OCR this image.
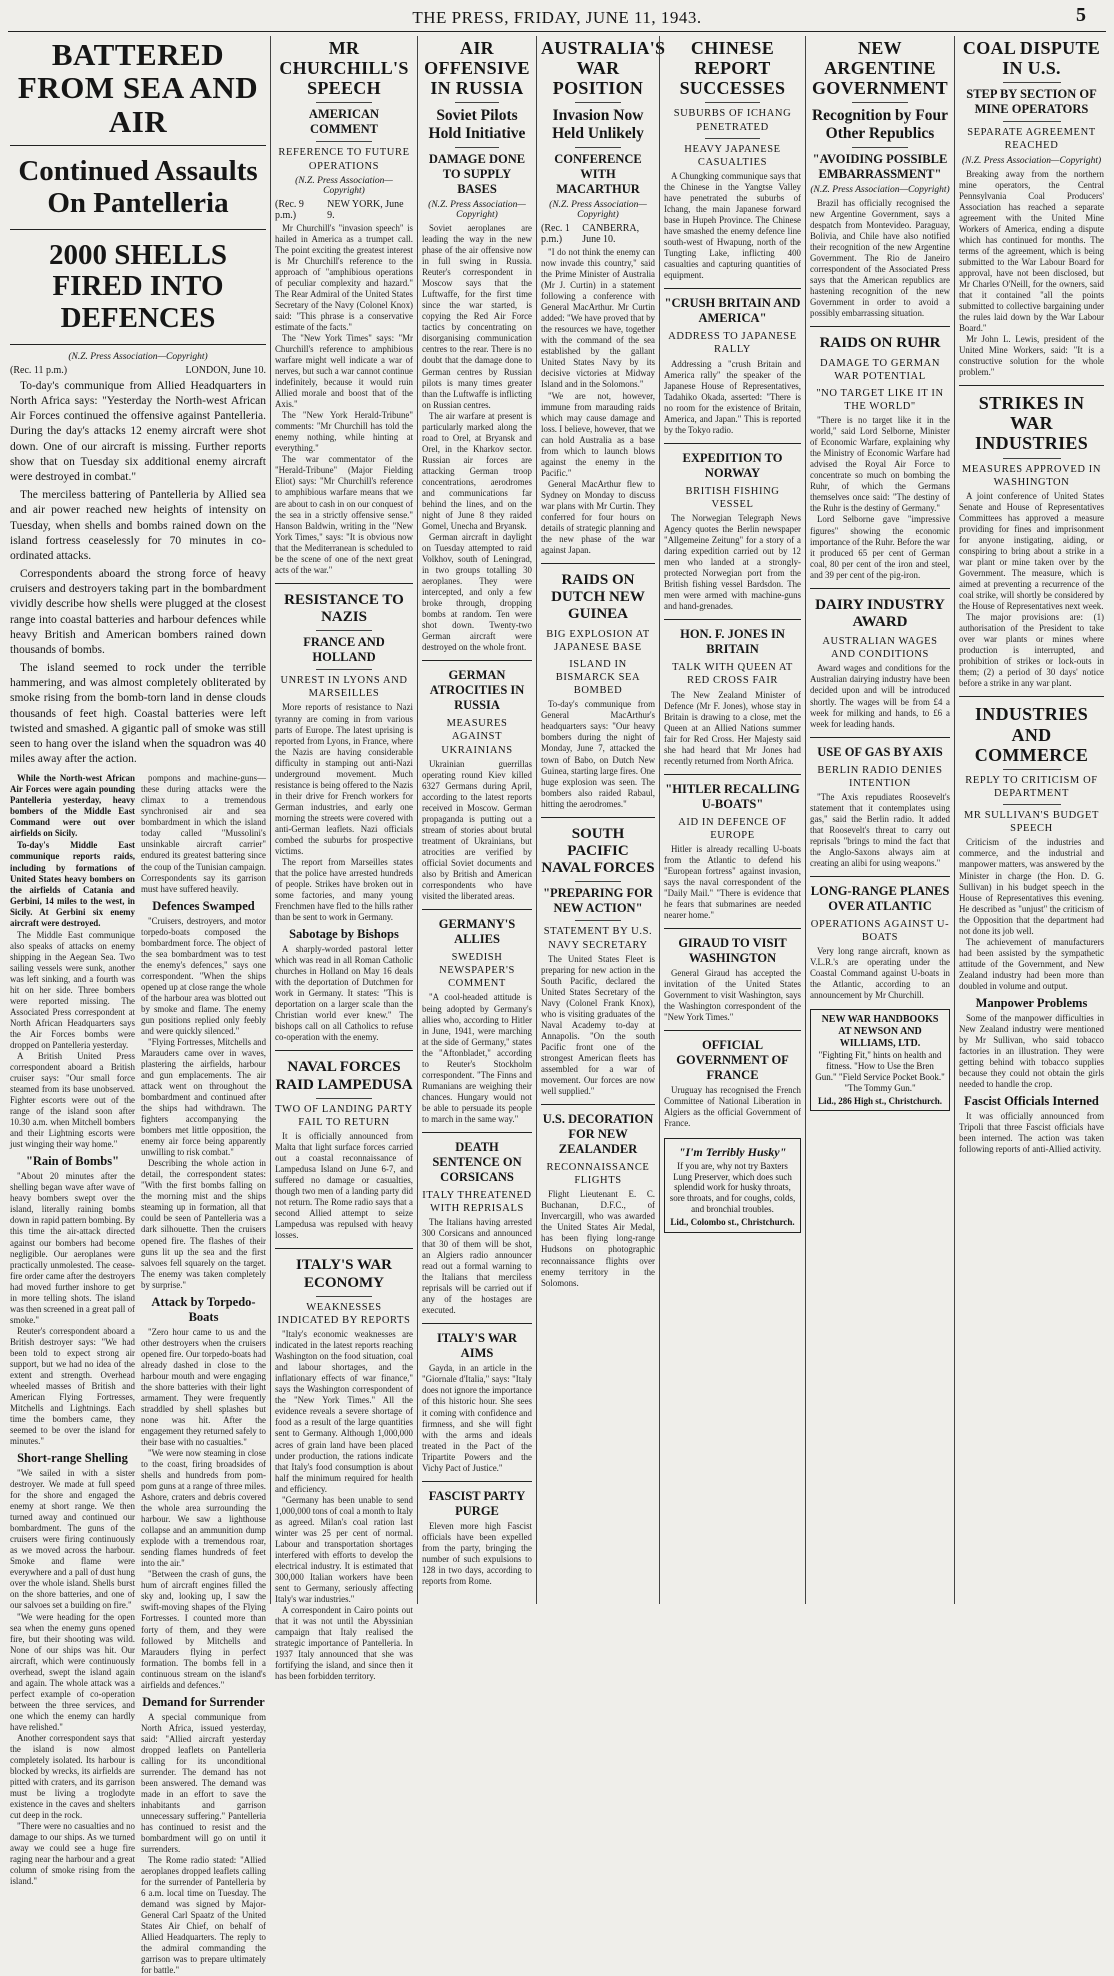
THE PRESS, FRIDAY, JUNE 11, 1943.	5
BATTERED FROM SEA AND AIR
Continued Assaults On Pantelleria
2000 SHELLS FIRED INTO DEFENCES
(N.Z. Press Association—Copyright)
(Rec. 11 p.m.)	LONDON, June 10.

To-day's communique from Allied Headquarters in North Africa says: "Yesterday the North-west African Air Forces continued the offensive against Pantelleria. During the day's attacks 12 enemy aircraft were shot down. One of our aircraft is missing. Further reports show that on Tuesday six additional enemy aircraft were destroyed in combat."

The merciless battering of Pantelleria by Allied sea and air power reached new heights of intensity on Tuesday, when shells and bombs rained down on the island fortress ceaselessly for 70 minutes in co-ordinated attacks.

Correspondents aboard the strong force of heavy cruisers and destroyers taking part in the bombardment vividly describe how shells were plugged at the closest range into coastal batteries and harbour defences while heavy British and American bombers rained down thousands of bombs.

The island seemed to rock under the terrible hammering, and was almost completely obliterated by smoke rising from the bomb-torn land in dense clouds thousands of feet high. Coastal batteries were left twisted and smashed. A gigantic pall of smoke was still seen to hang over the island when the squadron was 40 miles away after the action.

While the North-west African Air Forces were again pounding Pantelleria yesterday, heavy bombers of the Middle East Command were out over airfields on Sicily.

To-day's Middle East communique reports raids, including by formations of United States heavy bombers on the airfields of Catania and Gerbini, 14 miles to the west, in Sicily. At Gerbini six enemy aircraft were destroyed.

The Middle East communique also speaks of attacks on enemy shipping in the Aegean Sea. Two sailing vessels were sunk, another was left sinking, and a fourth was hit on her side. Three bombers were reported missing. The Associated Press correspondent at North African Headquarters says the Air Forces bombs were dropped on Pantelleria yesterday.

A British United Press correspondent aboard a British cruiser says: "Our small force steamed from its base unobserved. Fighter escorts were out of the range of the island soon after 10.30 a.m. when Mitchell bombers and their Lightning escorts were just winging their way home."

"Rain of Bombs"

"About 20 minutes after the shelling began wave after wave of heavy bombers swept over the island, literally raining bombs down in rapid pattern bombing. By this time the air-attack directed against our bombers had become negligible. Our aeroplanes were practically unmolested. The cease-fire order came after the destroyers had moved further inshore to get in more telling shots. The island was then screened in a great pall of smoke."

Reuter's correspondent aboard a British destroyer says: "We had been told to expect strong air support, but we had no idea of the extent and strength. Overhead wheeled masses of British and American Flying Fortresses, Mitchells and Lightnings. Each time the bombers came, they seemed to be over the island for minutes."

Short-range Shelling

"We sailed in with a sister destroyer. We made at full speed for the shore and engaged the enemy at short range. We then turned away and continued our bombardment. The guns of the cruisers were firing continuously as we moved across the harbour. Smoke and flame were everywhere and a pall of dust hung over the whole island. Shells burst on the shore batteries, and one of our salvoes set a building on fire."

"We were heading for the open sea when the enemy guns opened fire, but their shooting was wild. None of our ships was hit. Our aircraft, which were continuously overhead, swept the island again and again. The whole attack was a perfect example of co-operation between the three services, and one which the enemy can hardly have relished."

Another correspondent says that the island is now almost completely isolated. Its harbour is blocked by wrecks, its airfields are pitted with craters, and its garrison must be living a troglodyte existence in the caves and shelters cut deep in the rock.

"There were no casualties and no damage to our ships. As we turned away we could see a huge fire raging near the harbour and a great column of smoke rising from the island."

pompons and machine-guns—these during attacks were the climax to a tremendous synchronised air and sea bombardment in which the island today called "Mussolini's unsinkable aircraft carrier" endured its greatest battering since the coup of the Tunisian campaign. Correspondents say its garrison must have suffered heavily.

Defences Swamped

"Cruisers, destroyers, and motor torpedo-boats composed the bombardment force. The object of the sea bombardment was to test the enemy's defences," says one correspondent. "When the ships opened up at close range the whole of the harbour area was blotted out by smoke and flame. The enemy gun positions replied only feebly and were quickly silenced."

"Flying Fortresses, Mitchells and Marauders came over in waves, plastering the airfields, harbour and gun emplacements. The air attack went on throughout the bombardment and continued after the ships had withdrawn. The fighters accompanying the bombers met little opposition, the enemy air force being apparently unwilling to risk combat."

Describing the whole action in detail, the correspondent states: "With the first bombs falling on the morning mist and the ships steaming up in formation, all that could be seen of Pantelleria was a dark silhouette. Then the cruisers opened fire. The flashes of their guns lit up the sea and the first salvoes fell squarely on the target. The enemy was taken completely by surprise."

Attack by Torpedo-Boats

"Zero hour came to us and the other destroyers when the cruisers opened fire. Our torpedo-boats had already dashed in close to the harbour mouth and were engaging the shore batteries with their light armament. They were frequently straddled by shell splashes but none was hit. After the engagement they returned safely to their base with no casualties."

"We were now steaming in close to the coast, firing broadsides of shells and hundreds from pom-pom guns at a range of three miles. Ashore, craters and debris covered the whole area surrounding the harbour. We saw a lighthouse collapse and an ammunition dump explode with a tremendous roar, sending flames hundreds of feet into the air."

"Between the crash of guns, the hum of aircraft engines filled the sky and, looking up, I saw the swift-moving shapes of the Flying Fortresses. I counted more than forty of them, and they were followed by Mitchells and Marauders flying in perfect formation. The bombs fell in a continuous stream on the island's airfields and defences."

Demand for Surrender

A special communique from North Africa, issued yesterday, said: "Allied aircraft yesterday dropped leaflets on Pantelleria calling for its unconditional surrender. The demand has not been answered. The demand was made in an effort to save the inhabitants and garrison unnecessary suffering." Pantelleria has continued to resist and the bombardment will go on until it surrenders.

The Rome radio stated: "Allied aeroplanes dropped leaflets calling for the surrender of Pantelleria by 6 a.m. local time on Tuesday. The demand was signed by Major-General Carl Spaatz of the United States Air Chief, on behalf of Allied Headquarters. The reply to the admiral commanding the garrison was to prepare ultimately for battle."

MR CHURCHILL'S SPEECH
AMERICAN COMMENT
REFERENCE TO FUTURE OPERATIONS
(N.Z. Press Association—Copyright)
(Rec. 9 p.m.)
NEW YORK, June 9.

Mr Churchill's "invasion speech" is hailed in America as a trumpet call. The point exciting the greatest interest is Mr Churchill's reference to the approach of "amphibious operations of peculiar complexity and hazard." The Rear Admiral of the United States Secretary of the Navy (Colonel Knox) said: "This phrase is a conservative estimate of the facts."

The "New York Times" says: "Mr Churchill's reference to amphibious warfare might well indicate a war of nerves, but such a war cannot continue indefinitely, because it would ruin Allied morale and boost that of the Axis."

The "New York Herald-Tribune" comments: "Mr Churchill has told the enemy nothing, while hinting at everything."

The war commentator of the "Herald-Tribune" (Major Fielding Eliot) says: "Mr Churchill's reference to amphibious warfare means that we are about to cash in on our conquest of the sea in a strictly offensive sense." Hanson Baldwin, writing in the "New York Times," says: "It is obvious now that the Mediterranean is scheduled to be the scene of one of the next great acts of the war."

RESISTANCE TO NAZIS
FRANCE AND HOLLAND
UNREST IN LYONS AND MARSEILLES

More reports of resistance to Nazi tyranny are coming in from various parts of Europe. The latest uprising is reported from Lyons, in France, where the Nazis are having considerable difficulty in stamping out anti-Nazi underground movement. Much resistance is being offered to the Nazis in their drive for French workers for German industries, and early one morning the streets were covered with anti-German leaflets. Nazi officials combed the suburbs for prospective victims.

The report from Marseilles states that the police have arrested hundreds of people. Strikes have broken out in some factories, and many young Frenchmen have fled to the hills rather than be sent to work in Germany.

Sabotage by Bishops

A sharply-worded pastoral letter which was read in all Roman Catholic churches in Holland on May 16 deals with the deportation of Dutchmen for work in Germany. It states: "This is deportation on a larger scale than the Christian world ever knew." The bishops call on all Catholics to refuse co-operation with the enemy.

NAVAL FORCES RAID LAMPEDUSA
TWO OF LANDING PARTY FAIL TO RETURN

It is officially announced from Malta that light surface forces carried out a coastal reconnaissance of Lampedusa Island on June 6-7, and suffered no damage or casualties, though two men of a landing party did not return. The Rome radio says that a second Allied attempt to seize Lampedusa was repulsed with heavy losses.

ITALY'S WAR ECONOMY
WEAKNESSES INDICATED BY REPORTS

"Italy's economic weaknesses are indicated in the latest reports reaching Washington on the food situation, coal and labour shortages, and the inflationary effects of war finance," says the Washington correspondent of the "New York Times." All the evidence reveals a severe shortage of food as a result of the large quantities sent to Germany. Although 1,000,000 acres of grain land have been placed under production, the rations indicate that Italy's food consumption is about half the minimum required for health and efficiency.

"Germany has been unable to send 1,000,000 tons of coal a month to Italy as agreed. Milan's coal ration last winter was 25 per cent of normal. Labour and transportation shortages interfered with efforts to develop the electrical industry. It is estimated that 300,000 Italian workers have been sent to Germany, seriously affecting Italy's war industries."

A correspondent in Cairo points out that it was not until the Abyssinian campaign that Italy realised the strategic importance of Pantelleria. In 1937 Italy announced that she was fortifying the island, and since then it has been forbidden territory.

AIR OFFENSIVE IN RUSSIA
Soviet Pilots Hold Initiative
DAMAGE DONE TO SUPPLY BASES
(N.Z. Press Association—Copyright)

Soviet aeroplanes are leading the way in the new phase of the air offensive now in full swing in Russia. Reuter's correspondent in Moscow says that the Luftwaffe, for the first time since the war started, is copying the Red Air Force tactics by concentrating on disorganising communication centres to the rear. There is no doubt that the damage done to German centres by Russian pilots is many times greater than the Luftwaffe is inflicting on Russian centres.

The air warfare at present is particularly marked along the road to Orel, at Bryansk and Orel, in the Kharkov sector. Russian air forces are attacking German troop concentrations, aerodromes and communications far behind the lines, and on the night of June 8 they raided Gomel, Unecha and Bryansk.

German aircraft in daylight on Tuesday attempted to raid Volkhov, south of Leningrad, in two groups totalling 30 aeroplanes. They were intercepted, and only a few broke through, dropping bombs at random. Ten were shot down. Twenty-two German aircraft were destroyed on the whole front.

GERMAN ATROCITIES IN RUSSIA
MEASURES AGAINST UKRAINIANS

Ukrainian guerrillas operating round Kiev killed 6327 Germans during April, according to the latest reports received in Moscow. German propaganda is putting out a stream of stories about brutal treatment of Ukrainians, but atrocities are verified by official Soviet documents and also by British and American correspondents who have visited the liberated areas.

GERMANY'S ALLIES
SWEDISH NEWSPAPER'S COMMENT

"A cool-headed attitude is being adopted by Germany's allies who, according to Hitler in June, 1941, were marching at the side of Germany," states the "Aftonbladet," according to Reuter's Stockholm correspondent. "The Finns and Rumanians are weighing their chances. Hungary would not be able to persuade its people to march in the same way."

DEATH SENTENCE ON CORSICANS
ITALY THREATENED WITH REPRISALS

The Italians having arrested 300 Corsicans and announced that 30 of them will be shot, an Algiers radio announcer read out a formal warning to the Italians that merciless reprisals will be carried out if any of the hostages are executed.

ITALY'S WAR AIMS

Gayda, in an article in the "Giornale d'Italia," says: "Italy does not ignore the importance of this historic hour. She sees it coming with confidence and firmness, and she will fight with the arms and ideals treated in the Pact of the Tripartite Powers and the Vichy Pact of Justice."

FASCIST PARTY PURGE

Eleven more high Fascist officials have been expelled from the party, bringing the number of such expulsions to 128 in two days, according to reports from Rome.

AUSTRALIA'S WAR POSITION
Invasion Now Held Unlikely
CONFERENCE WITH MACARTHUR
(N.Z. Press Association—Copyright)
(Rec. 1 p.m.)
CANBERRA, June 10.

"I do not think the enemy can now invade this country," said the Prime Minister of Australia (Mr J. Curtin) in a statement following a conference with General MacArthur. Mr Curtin added: "We have proved that by the resources we have, together with the command of the sea established by the gallant United States Navy by its decisive victories at Midway Island and in the Solomons."

"We are not, however, immune from marauding raids which may cause damage and loss. I believe, however, that we can hold Australia as a base from which to launch blows against the enemy in the Pacific."

General MacArthur flew to Sydney on Monday to discuss war plans with Mr Curtin. They conferred for four hours on details of strategic planning and the new phase of the war against Japan.

RAIDS ON DUTCH NEW GUINEA
BIG EXPLOSION AT JAPANESE BASE
ISLAND IN BISMARCK SEA BOMBED

To-day's communique from General MacArthur's headquarters says: "Our heavy bombers during the night of Monday, June 7, attacked the town of Babo, on Dutch New Guinea, starting large fires. One huge explosion was seen. The bombers also raided Rabaul, hitting the aerodromes."

SOUTH PACIFIC NAVAL FORCES
"PREPARING FOR NEW ACTION"
STATEMENT BY U.S. NAVY SECRETARY

The United States Fleet is preparing for new action in the South Pacific, declared the United States Secretary of the Navy (Colonel Frank Knox), who is visiting graduates of the Naval Academy to-day at Annapolis. "On the south Pacific front one of the strongest American fleets has assembled for a war of movement. Our forces are now well supplied."

U.S. DECORATION FOR NEW ZEALANDER
RECONNAISSANCE FLIGHTS

Flight Lieutenant E. C. Buchanan, D.F.C., of Invercargill, who was awarded the United States Air Medal, has been flying long-range Hudsons on photographic reconnaissance flights over enemy territory in the Solomons.

CHINESE REPORT SUCCESSES
SUBURBS OF ICHANG PENETRATED
HEAVY JAPANESE CASUALTIES

A Chungking communique says that the Chinese in the Yangtse Valley have penetrated the suburbs of Ichang, the main Japanese forward base in Hupeh Province. The Chinese have smashed the enemy defence line south-west of Hwapung, north of the Tungting Lake, inflicting 400 casualties and capturing quantities of equipment.

"CRUSH BRITAIN AND AMERICA"
ADDRESS TO JAPANESE RALLY

Addressing a "crush Britain and America rally" the speaker of the Japanese House of Representatives, Tadahiko Okada, asserted: "There is no room for the existence of Britain, America, and Japan." This is reported by the Tokyo radio.

EXPEDITION TO NORWAY
BRITISH FISHING VESSEL

The Norwegian Telegraph News Agency quotes the Berlin newspaper "Allgemeine Zeitung" for a story of a daring expedition carried out by 12 men who landed at a strongly-protected Norwegian port from the British fishing vessel Bardsdon. The men were armed with machine-guns and hand-grenades.

HON. F. JONES IN BRITAIN
TALK WITH QUEEN AT RED CROSS FAIR

The New Zealand Minister of Defence (Mr F. Jones), whose stay in Britain is drawing to a close, met the Queen at an Allied Nations summer fair for Red Cross. Her Majesty said she had heard that Mr Jones had recently returned from North Africa.

"HITLER RECALLING U-BOATS"
AID IN DEFENCE OF EUROPE

Hitler is already recalling U-boats from the Atlantic to defend his "European fortress" against invasion, says the naval correspondent of the "Daily Mail." "There is evidence that he fears that submarines are needed nearer home."

GIRAUD TO VISIT WASHINGTON

General Giraud has accepted the invitation of the United States Government to visit Washington, says the Washington correspondent of the "New York Times."

OFFICIAL GOVERNMENT OF FRANCE

Uruguay has recognised the French Committee of National Liberation in Algiers as the official Government of France.

"I'm Terribly Husky"
If you are, why not try Baxters Lung Preserver, which does such splendid work for husky throats, sore throats, and for coughs, colds, and bronchial troubles.
Lid., Colombo st., Christchurch.
NEW ARGENTINE GOVERNMENT
Recognition by Four Other Republics
"AVOIDING POSSIBLE EMBARRASSMENT"
(N.Z. Press Association—Copyright)

Brazil has officially recognised the new Argentine Government, says a despatch from Montevideo. Paraguay, Bolivia, and Chile have also notified their recognition of the new Argentine Government. The Rio de Janeiro correspondent of the Associated Press says that the American republics are hastening recognition of the new Government in order to avoid a possibly embarrassing situation.

RAIDS ON RUHR
DAMAGE TO GERMAN WAR POTENTIAL
"NO TARGET LIKE IT IN THE WORLD"

"There is no target like it in the world," said Lord Selborne, Minister of Economic Warfare, explaining why the Ministry of Economic Warfare had advised the Royal Air Force to concentrate so much on bombing the Ruhr, of which the Germans themselves once said: "The destiny of the Ruhr is the destiny of Germany."

Lord Selborne gave "impressive figures" showing the economic importance of the Ruhr. Before the war it produced 65 per cent of German coal, 80 per cent of the iron and steel, and 39 per cent of the pig-iron.

DAIRY INDUSTRY AWARD
AUSTRALIAN WAGES AND CONDITIONS

Award wages and conditions for the Australian dairying industry have been decided upon and will be introduced shortly. The wages will be from £4 a week for milking and hands, to £6 a week for leading hands.

USE OF GAS BY AXIS
BERLIN RADIO DENIES INTENTION

"The Axis repudiates Roosevelt's statement that it contemplates using gas," said the Berlin radio. It added that Roosevelt's threat to carry out reprisals "brings to mind the fact that the Anglo-Saxons always aim at creating an alibi for using weapons."

LONG-RANGE PLANES OVER ATLANTIC
OPERATIONS AGAINST U-BOATS

Very long range aircraft, known as V.L.R.'s are operating under the Coastal Command against U-boats in the Atlantic, according to an announcement by Mr Churchill.

NEW WAR HANDBOOKS AT NEWSON AND WILLIAMS, LTD.
"Fighting Fit," hints on health and fitness. "How to Use the Bren Gun." "Field Service Pocket Book." "The Tommy Gun."
Lid., 286 High st., Christchurch.
COAL DISPUTE IN U.S.
STEP BY SECTION OF MINE OPERATORS
SEPARATE AGREEMENT REACHED
(N.Z. Press Association—Copyright)

Breaking away from the northern mine operators, the Central Pennsylvania Coal Producers' Association has reached a separate agreement with the United Mine Workers of America, ending a dispute which has continued for months. The terms of the agreement, which is being submitted to the War Labour Board for approval, have not been disclosed, but Mr Charles O'Neill, for the owners, said that it contained "all the points submitted to collective bargaining under the rules laid down by the War Labour Board."

Mr John L. Lewis, president of the United Mine Workers, said: "It is a constructive solution for the whole problem."

STRIKES IN WAR INDUSTRIES
MEASURES APPROVED IN WASHINGTON

A joint conference of United States Senate and House of Representatives Committees has approved a measure providing for fines and imprisonment for anyone instigating, aiding, or conspiring to bring about a strike in a war plant or mine taken over by the Government. The measure, which is aimed at preventing a recurrence of the coal strike, will shortly be considered by the House of Representatives next week.

The major provisions are: (1) authorisation of the President to take over war plants or mines where production is interrupted, and prohibition of strikes or lock-outs in them; (2) a period of 30 days' notice before a strike in any war plant.

INDUSTRIES AND COMMERCE
REPLY TO CRITICISM OF DEPARTMENT
MR SULLIVAN'S BUDGET SPEECH

Criticism of the industries and commerce, and the industrial and manpower matters, was answered by the Minister in charge (the Hon. D. G. Sullivan) in his budget speech in the House of Representatives this evening. He described as "unjust" the criticism of the Opposition that the department had not done its job well.

The achievement of manufacturers had been assisted by the sympathetic attitude of the Government, and New Zealand industry had been more than doubled in volume and output.

Manpower Problems

Some of the manpower difficulties in New Zealand industry were mentioned by Mr Sullivan, who said tobacco factories in an illustration. They were getting behind with tobacco supplies because they could not obtain the girls needed to handle the crop.

Fascist Officials Interned

It was officially announced from Tripoli that three Fascist officials have been interned. The action was taken following reports of anti-Allied activity.
